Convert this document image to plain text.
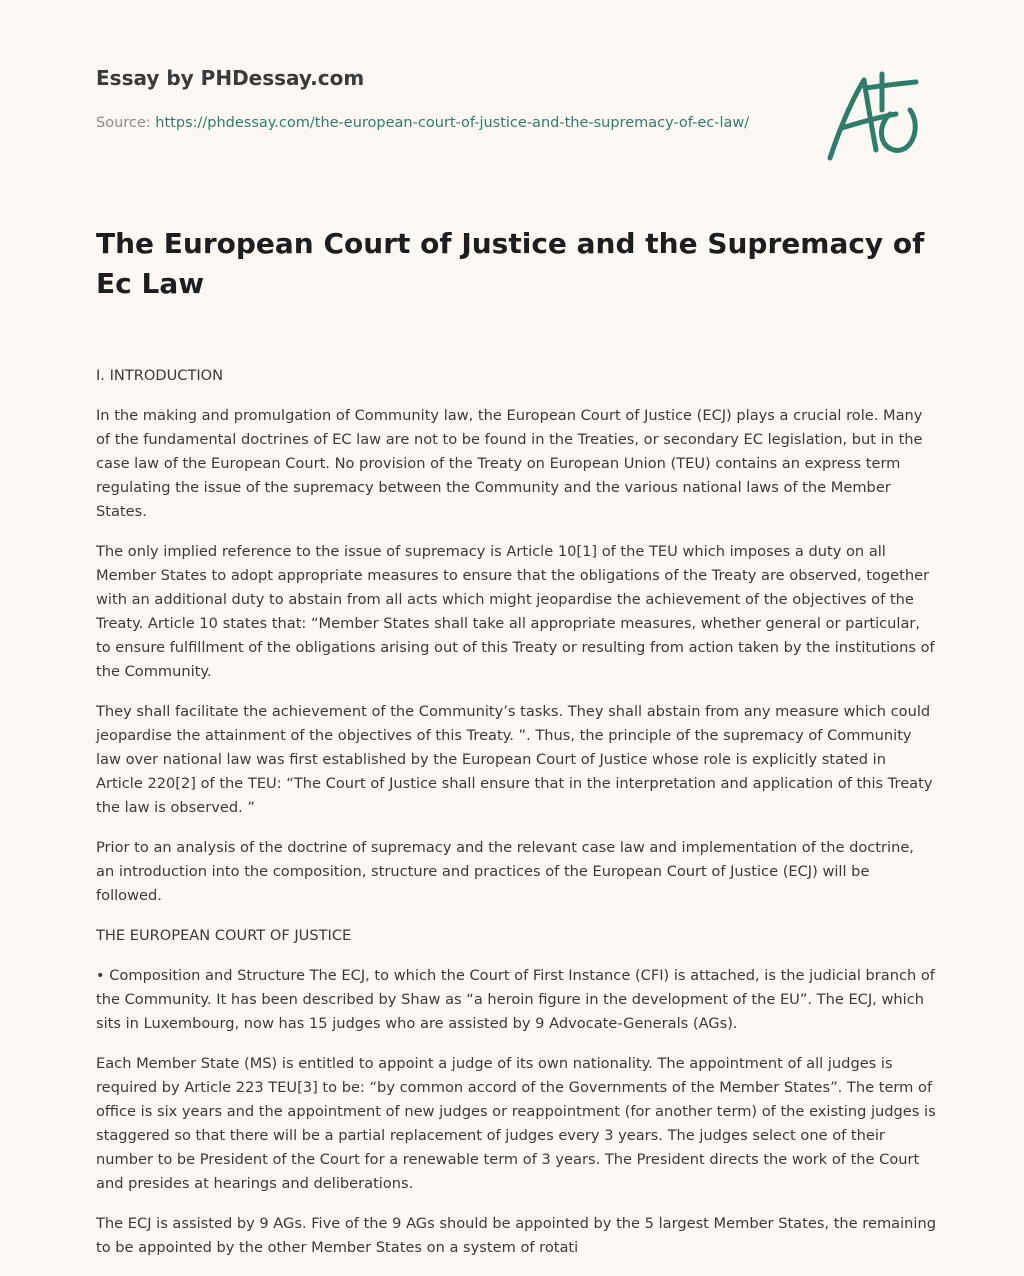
Essay by PHDessay.com
Source: https://phdessay.com/the-european-court-of-justice-and-the-supremacy-of-ec-law/
The European Court of Justice and the Supremacy of Ec Law

I. INTRODUCTION

In the making and promulgation of Community law, the European Court of Justice (ECJ) plays a crucial role. Many of the fundamental doctrines of EC law are not to be found in the Treaties, or secondary EC legislation, but in the case law of the European Court. No provision of the Treaty on European Union (TEU) contains an express term regulating the issue of the supremacy between the Community and the various national laws of the Member States.

The only implied reference to the issue of supremacy is Article 10[1] of the TEU which imposes a duty on all Member States to adopt appropriate measures to ensure that the obligations of the Treaty are observed, together with an additional duty to abstain from all acts which might jeopardise the achievement of the objectives of the Treaty. Article 10 states that: “Member States shall take all appropriate measures, whether general or particular, to ensure fulfillment of the obligations arising out of this Treaty or resulting from action taken by the institutions of the Community.

They shall facilitate the achievement of the Community’s tasks. They shall abstain from any measure which could jeopardise the attainment of the objectives of this Treaty. ”. Thus, the principle of the supremacy of Community law over national law was first established by the European Court of Justice whose role is explicitly stated in Article 220[2] of the TEU: “The Court of Justice shall ensure that in the interpretation and application of this Treaty the law is observed. ”

Prior to an analysis of the doctrine of supremacy and the relevant case law and implementation of the doctrine, an introduction into the composition, structure and practices of the European Court of Justice (ECJ) will be followed.

THE EUROPEAN COURT OF JUSTICE

• Composition and Structure The ECJ, to which the Court of First Instance (CFI) is attached, is the judicial branch of the Community. It has been described by Shaw as “a heroin figure in the development of the EU”. The ECJ, which sits in Luxembourg, now has 15 judges who are assisted by 9 Advocate-Generals (AGs).

Each Member State (MS) is entitled to appoint a judge of its own nationality. The appointment of all judges is required by Article 223 TEU[3] to be: “by common accord of the Governments of the Member States”. The term of office is six years and the appointment of new judges or reappointment (for another term) of the existing judges is staggered so that there will be a partial replacement of judges every 3 years. The judges select one of their number to be President of the Court for a renewable term of 3 years. The President directs the work of the Court and presides at hearings and deliberations.

The ECJ is assisted by 9 AGs. Five of the 9 AGs should be appointed by the 5 largest Member States, the remaining to be appointed by the other Member States on a system of rotati
